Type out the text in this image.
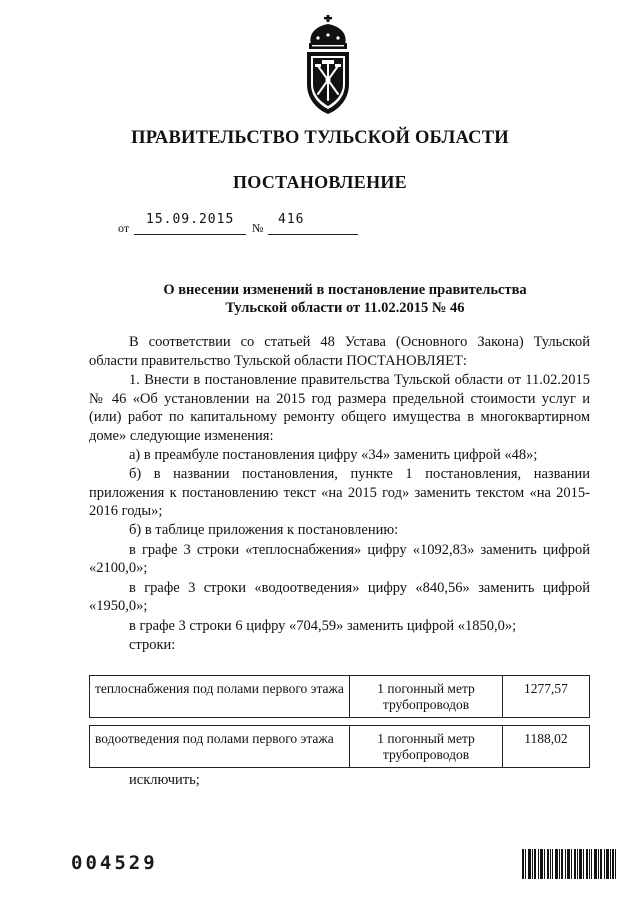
ПРАВИТЕЛЬСТВО ТУЛЬСКОЙ ОБЛАСТИ
ПОСТАНОВЛЕНИЕ
от
15.09.2015
№
416
О внесении изменений в постановление правительства
Тульской области от 11.02.2015 № 46

В соответствии со статьей 48 Устава (Основного Закона) Тульской области правительство Тульской области ПОСТАНОВЛЯЕТ:

1. Внести в постановление правительства Тульской области от 11.02.2015 № 46 «Об установлении на 2015 год размера предельной стоимости услуг и (или) работ по капитальному ремонту общего имущества в многоквартирном доме» следующие изменения:

а) в преамбуле постановления цифру «34» заменить цифрой «48»;

б) в названии постановления, пункте 1 постановления, названии приложения к постановлению текст «на 2015 год» заменить текстом «на 2015-2016 годы»;

б) в таблице приложения к постановлению:

в графе 3 строки «теплоснабжения» цифру «1092,83» заменить цифрой «2100,0»;

в графе 3 строки «водоотведения» цифру «840,56» заменить цифрой «1950,0»;

в графе 3 строки 6 цифру «704,59» заменить цифрой «1850,0»;

строки:

теплоснабжения под полами первого этажа	1 погонный метр трубопроводов	1277,57

водоотведения под полами первого этажа	1 погонный метр трубопроводов	1188,02
исключить;
004529
